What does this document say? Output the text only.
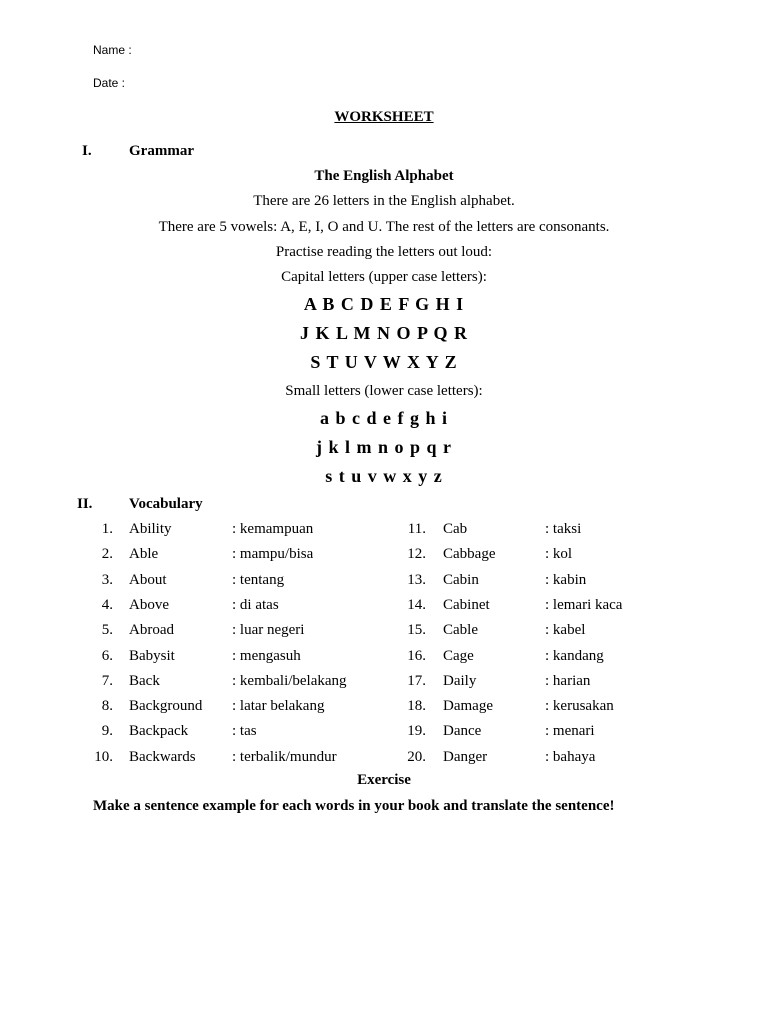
Name :
Date :
WORKSHEET
I. Grammar
The English Alphabet
There are 26 letters in the English alphabet.
There are 5 vowels: A, E, I, O and U. The rest of the letters are consonants.
Practise reading the letters out loud:
Capital letters (upper case letters):
A B C D E F G H I
J K L M N O P Q R
S T U V W X Y Z
Small letters (lower case letters):
a b c d e f g h i
j k l m n o p q r
s t u v w x y z
II. Vocabulary
1. Ability	: kemampuan
2. Able	: mampu/bisa
3. About	: tentang
4. Above	: di atas
5. Abroad	: luar negeri
6. Babysit	: mengasuh
7. Back	: kembali/belakang
8. Background : latar belakang
9. Backpack	: tas
10. Backwards : terbalik/mundur
11. Cab	: taksi
12. Cabbage	: kol
13. Cabin	: kabin
14. Cabinet	: lemari kaca
15. Cable	: kabel
16. Cage	: kandang
17. Daily	: harian
18. Damage	: kerusakan
19. Dance	: menari
20. Danger	: bahaya
Exercise
Make a sentence example for each words in your book and translate the sentence!
